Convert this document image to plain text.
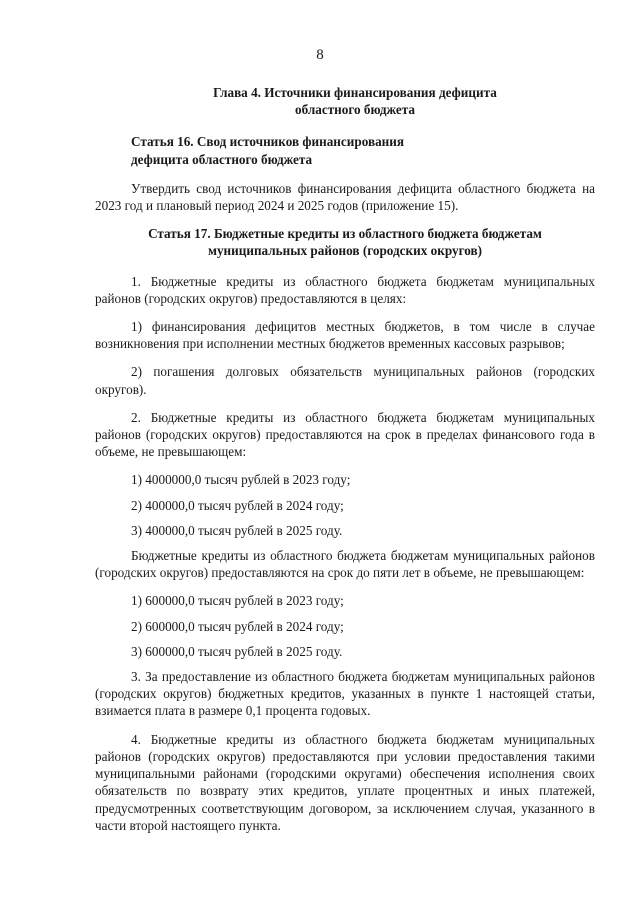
8
Глава 4. Источники финансирования дефицита
областного бюджета
Статья 16. Свод источников финансирования
дефицита областного бюджета

Утвердить свод источников финансирования дефицита областного бюджета на 2023 год и плановый период 2024 и 2025 годов (приложение 15).

Статья 17. Бюджетные кредиты из областного бюджета бюджетам
муниципальных районов (городских округов)

1. Бюджетные кредиты из областного бюджета бюджетам муниципальных районов (городских округов) предоставляются в целях:

1) финансирования дефицитов местных бюджетов, в том числе в случае возникновения при исполнении местных бюджетов временных кассовых разрывов;

2) погашения долговых обязательств муниципальных районов (городских округов).

2. Бюджетные кредиты из областного бюджета бюджетам муниципальных районов (городских округов) предоставляются на срок в пределах финансового года в объеме, не превышающем:

1) 4000000,0 тысяч рублей в 2023 году;

2) 400000,0 тысяч рублей в 2024 году;

3) 400000,0 тысяч рублей в 2025 году.

Бюджетные кредиты из областного бюджета бюджетам муниципальных районов (городских округов) предоставляются на срок до пяти лет в объеме, не превышающем:

1) 600000,0 тысяч рублей в 2023 году;

2) 600000,0 тысяч рублей в 2024 году;

3) 600000,0 тысяч рублей в 2025 году.

3. За предоставление из областного бюджета бюджетам муниципальных районов (городских округов) бюджетных кредитов, указанных в пункте 1 настоящей статьи, взимается плата в размере 0,1 процента годовых.

4. Бюджетные кредиты из областного бюджета бюджетам муниципальных районов (городских округов) предоставляются при условии предоставления такими муниципальными районами (городскими округами) обеспечения исполнения своих обязательств по возврату этих кредитов, уплате процентных и иных платежей, предусмотренных соответствующим договором, за исключением случая, указанного в части второй настоящего пункта.
